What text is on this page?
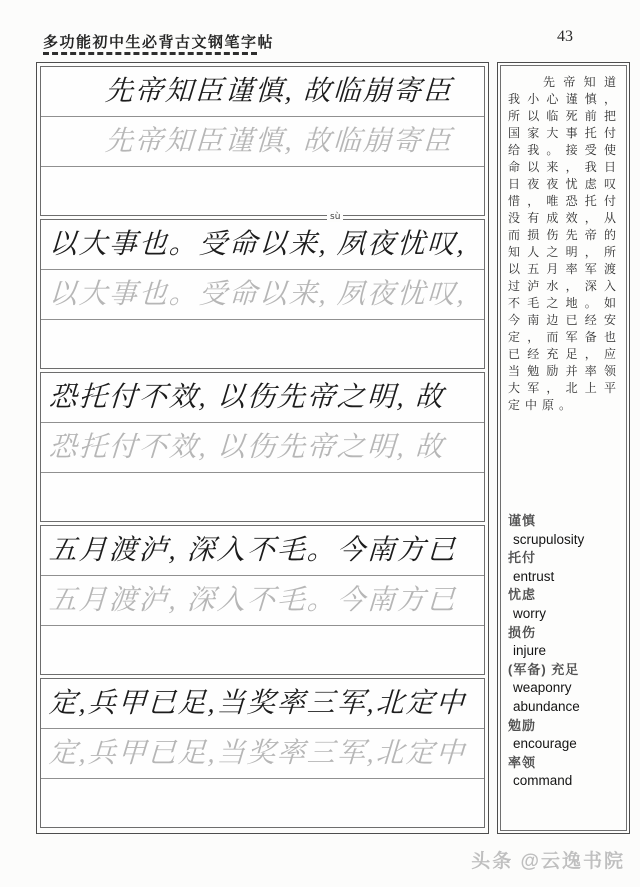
多功能初中生必背古文钢笔字帖	43
先帝知臣谨慎, 故临崩寄臣
先帝知臣谨慎, 故临崩寄臣
sù
以大事也。受命以来, 夙夜忧叹,
以大事也。受命以来, 夙夜忧叹,
恐托付不效, 以伤先帝之明, 故
恐托付不效, 以伤先帝之明, 故
五月渡泸, 深入不毛。今南方已
五月渡泸, 深入不毛。今南方已
定,兵甲已足,当奖率三军,北定中
定,兵甲已足,当奖率三军,北定中
先帝知道我小心谨慎，所以临死前把国家大事托付给我。接受使命以来，我日日夜夜忧虑叹惜，唯恐托付没有成效，从而损伤先帝的知人之明，所以五月率军渡过泸水，深入不毛之地。如今南边已经安定，而军备也已经充足，应当勉励并率领大军，北上平定中原。
谨慎
scrupulosity
托付
entrust
忧虑
worry
损伤
injure
(军备) 充足
weaponry
abundance
勉励
encourage
率领
command
头条 @云逸书院
